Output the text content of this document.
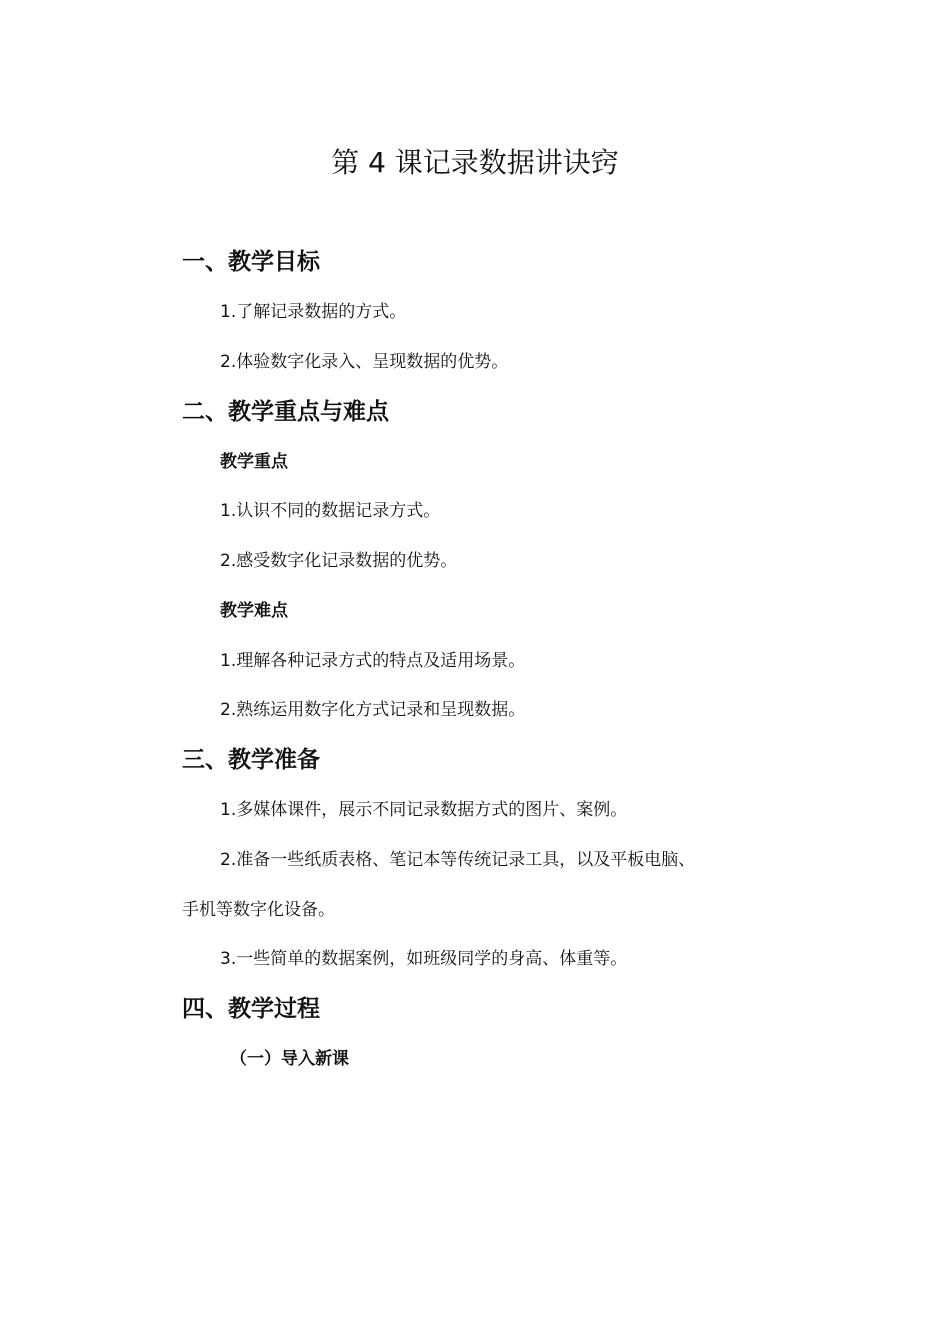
第 4 课记录数据讲诀窍
一、教学目标

1.了解记录数据的方式。

2.体验数字化录入、呈现数据的优势。

二、教学重点与难点

教学重点

1.认识不同的数据记录方式。

2.感受数字化记录数据的优势。

教学难点

1.理解各种记录方式的特点及适用场景。

2.熟练运用数字化方式记录和呈现数据。

三、教学准备

1.多媒体课件，展示不同记录数据方式的图片、案例。

2.准备一些纸质表格、笔记本等传统记录工具，以及平板电脑、

手机等数字化设备。

3.一些简单的数据案例，如班级同学的身高、体重等。

四、教学过程

（一）导入新课
